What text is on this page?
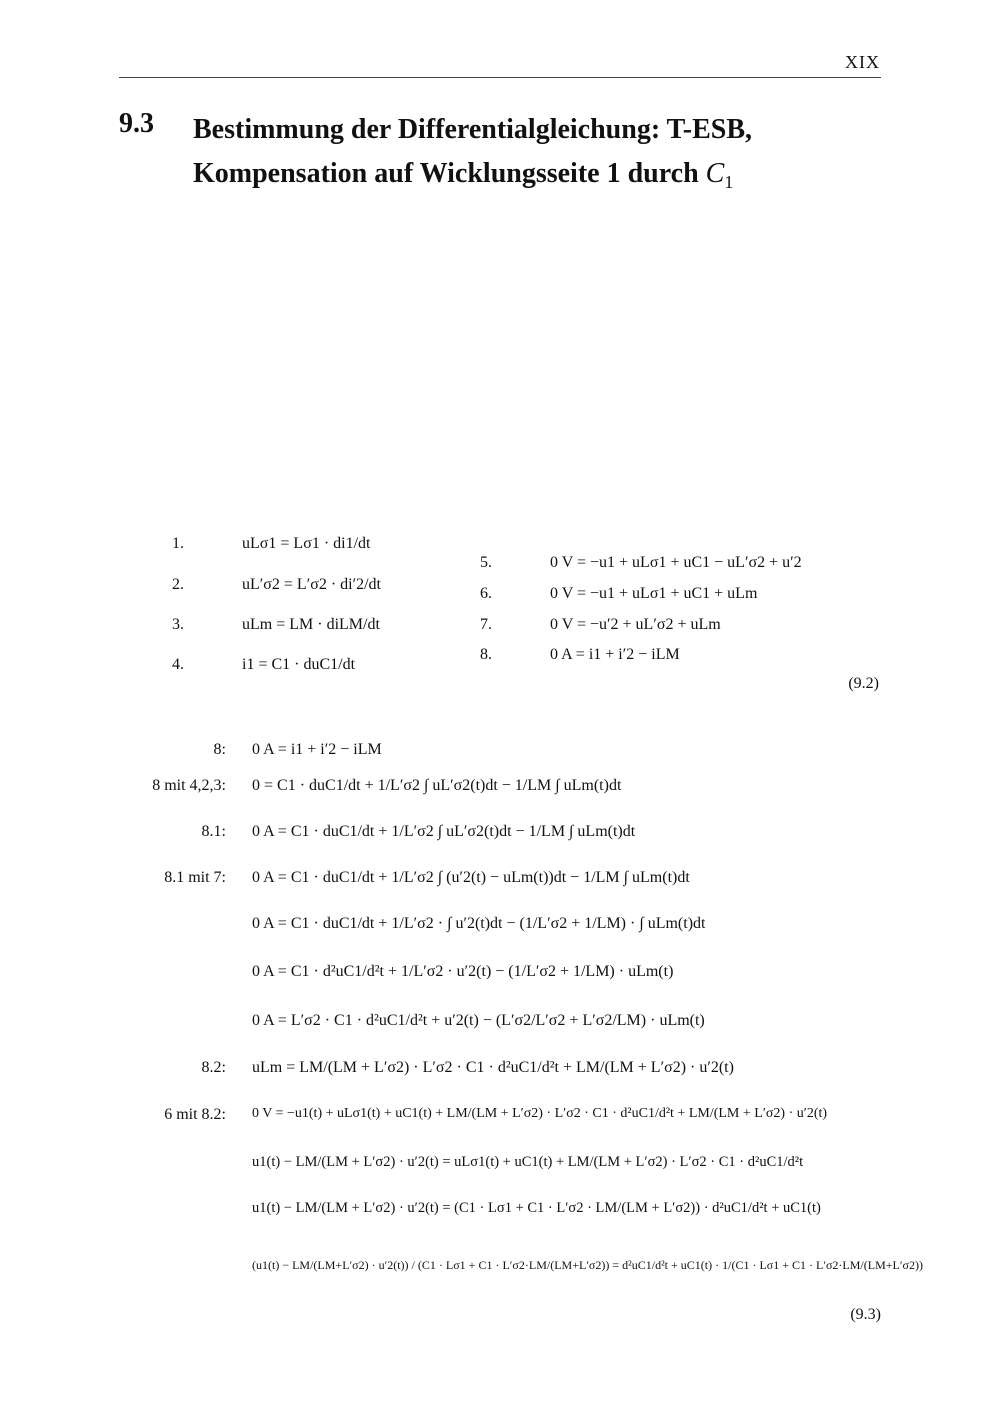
XIX
9.3 Bestimmung der Differentialgleichung: T-ESB,
Kompensation auf Wicklungsseite 1 durch $C_1$
1.	uLσ1 = Lσ1 · di1/dt
2.	uL′σ2 = L′σ2 · di′2/dt
3.	uLm = LM · diLM/dt
4.	i1 = C1 · duC1/dt
5.	0 V = −u1 + uLσ1 + uC1 − uL′σ2 + u′2
6.	0 V = −u1 + uLσ1 + uC1 + uLm
7.	0 V = −u′2 + uL′σ2 + uLm
8.	0 A = i1 + i′2 − iLM
(9.2)
8: 0 A = i1 + i′2 − iLM
8 mit 4,2,3: 0 = C1 · duC1/dt + 1/L′σ2 ∫ uL′σ2(t)dt − 1/LM ∫ uLm(t)dt
8.1: 0 A = C1 · duC1/dt + 1/L′σ2 ∫ uL′σ2(t)dt − 1/LM ∫ uLm(t)dt
8.1 mit 7: 0 A = C1 · duC1/dt + 1/L′σ2 ∫ (u′2(t) − uLm(t))dt − 1/LM ∫ uLm(t)dt
0 A = C1 · duC1/dt + 1/L′σ2 · ∫ u′2(t)dt − (1/L′σ2 + 1/LM) · ∫ uLm(t)dt
0 A = C1 · d²uC1/d²t + 1/L′σ2 · u′2(t) − (1/L′σ2 + 1/LM) · uLm(t)
0 A = L′σ2 · C1 · d²uC1/d²t + u′2(t) − (L′σ2/L′σ2 + L′σ2/LM) · uLm(t)
8.2: uLm = LM/(LM + L′σ2) · L′σ2 · C1 · d²uC1/d²t + LM/(LM + L′σ2) · u′2(t)
6 mit 8.2: 0 V = −u1(t) + uLσ1(t) + uC1(t) + LM/(LM + L′σ2) · L′σ2 · C1 · d²uC1/d²t + LM/(LM + L′σ2) · u′2(t)
u1(t) − LM/(LM + L′σ2) · u′2(t) = uLσ1(t) + uC1(t) + LM/(LM + L′σ2) · L′σ2 · C1 · d²uC1/d²t
u1(t) − LM/(LM + L′σ2) · u′2(t) = (C1 · Lσ1 + C1 · L′σ2 · LM/(LM + L′σ2)) · d²uC1/d²t + uC1(t)
(u1(t) − LM/(LM+L′σ2) · u′2(t)) / (C1 · Lσ1 + C1 · L′σ2·LM/(LM+L′σ2)) = d²uC1/d²t + uC1(t) · 1/(C1 · Lσ1 + C1 · L′σ2·LM/(LM+L′σ2))
(9.3)
